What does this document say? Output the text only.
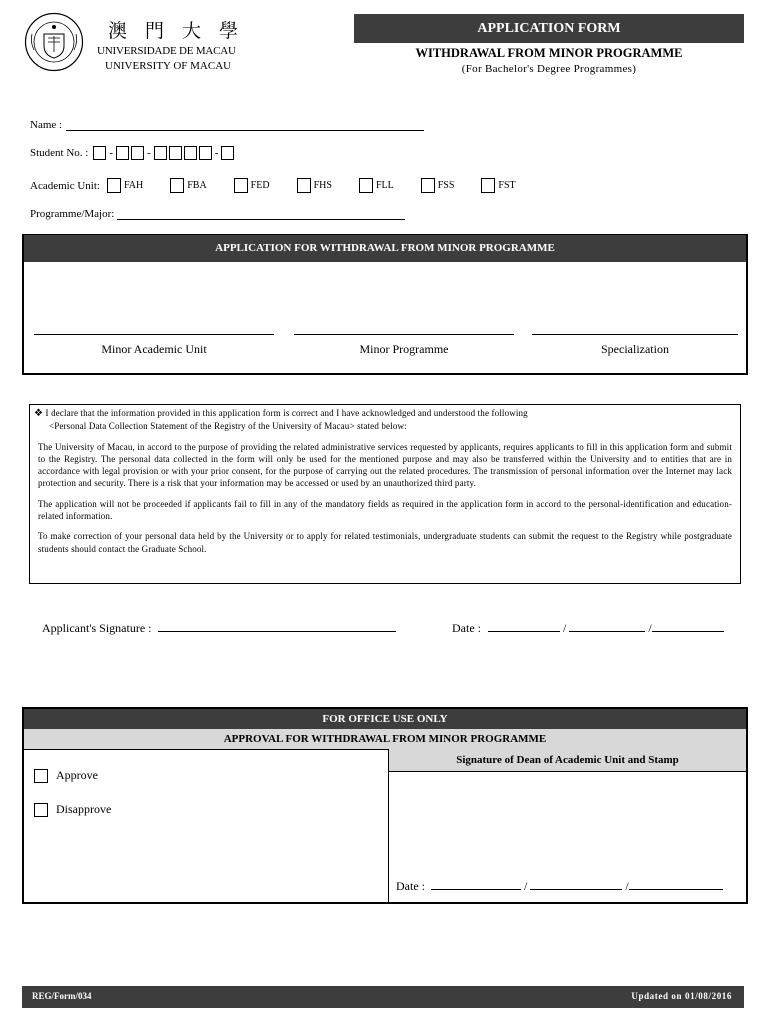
澳門大學
UNIVERSIDADE DE MACAU
UNIVERSITY OF MACAU
APPLICATION FORM
WITHDRAWAL FROM MINOR PROGRAMME
(For Bachelor's Degree Programmes)
Name :
Student No. :	-	-	-
Academic Unit: FAH	FBA	FED	FHS	FLL	FSS	FST
Programme/Major:
APPLICATION FOR WITHDRAWAL FROM MINOR PROGRAMME
Minor Academic Unit	Minor Programme	Specialization

❖ I declare that the information provided in this application form is correct and I have acknowledged and understood the following

<Personal Data Collection Statement of the Registry of the University of Macau> stated below:

The University of Macau, in accord to the purpose of providing the related administrative services requested by applicants, requires applicants to fill in this application form and submit to the Registry. The personal data collected in the form will only be used for the mentioned purpose and may also be transferred within the University and to entities that are in accordance with legal provision or with your prior consent, for the purpose of carrying out the related procedures. The transmission of personal information over the Internet may lack protection and security. There is a risk that your information may be accessed or used by an unauthorized third party.

The application will not be proceeded if applicants fail to fill in any of the mandatory fields as required in the application form in accord to the personal-identification and education-related information.

To make correction of your personal data held by the University or to apply for related testimonials, undergraduate students can submit the request to the Registry while postgraduate students should contact the Graduate School.

Applicant's Signature :	Date :	/	/
FOR OFFICE USE ONLY
APPROVAL FOR WITHDRAWAL FROM MINOR PROGRAMME
Signature of Dean of Academic Unit and Stamp
Approve
Disapprove
Date :	/	/
REG/Form/034	Updated on 01/08/2016
